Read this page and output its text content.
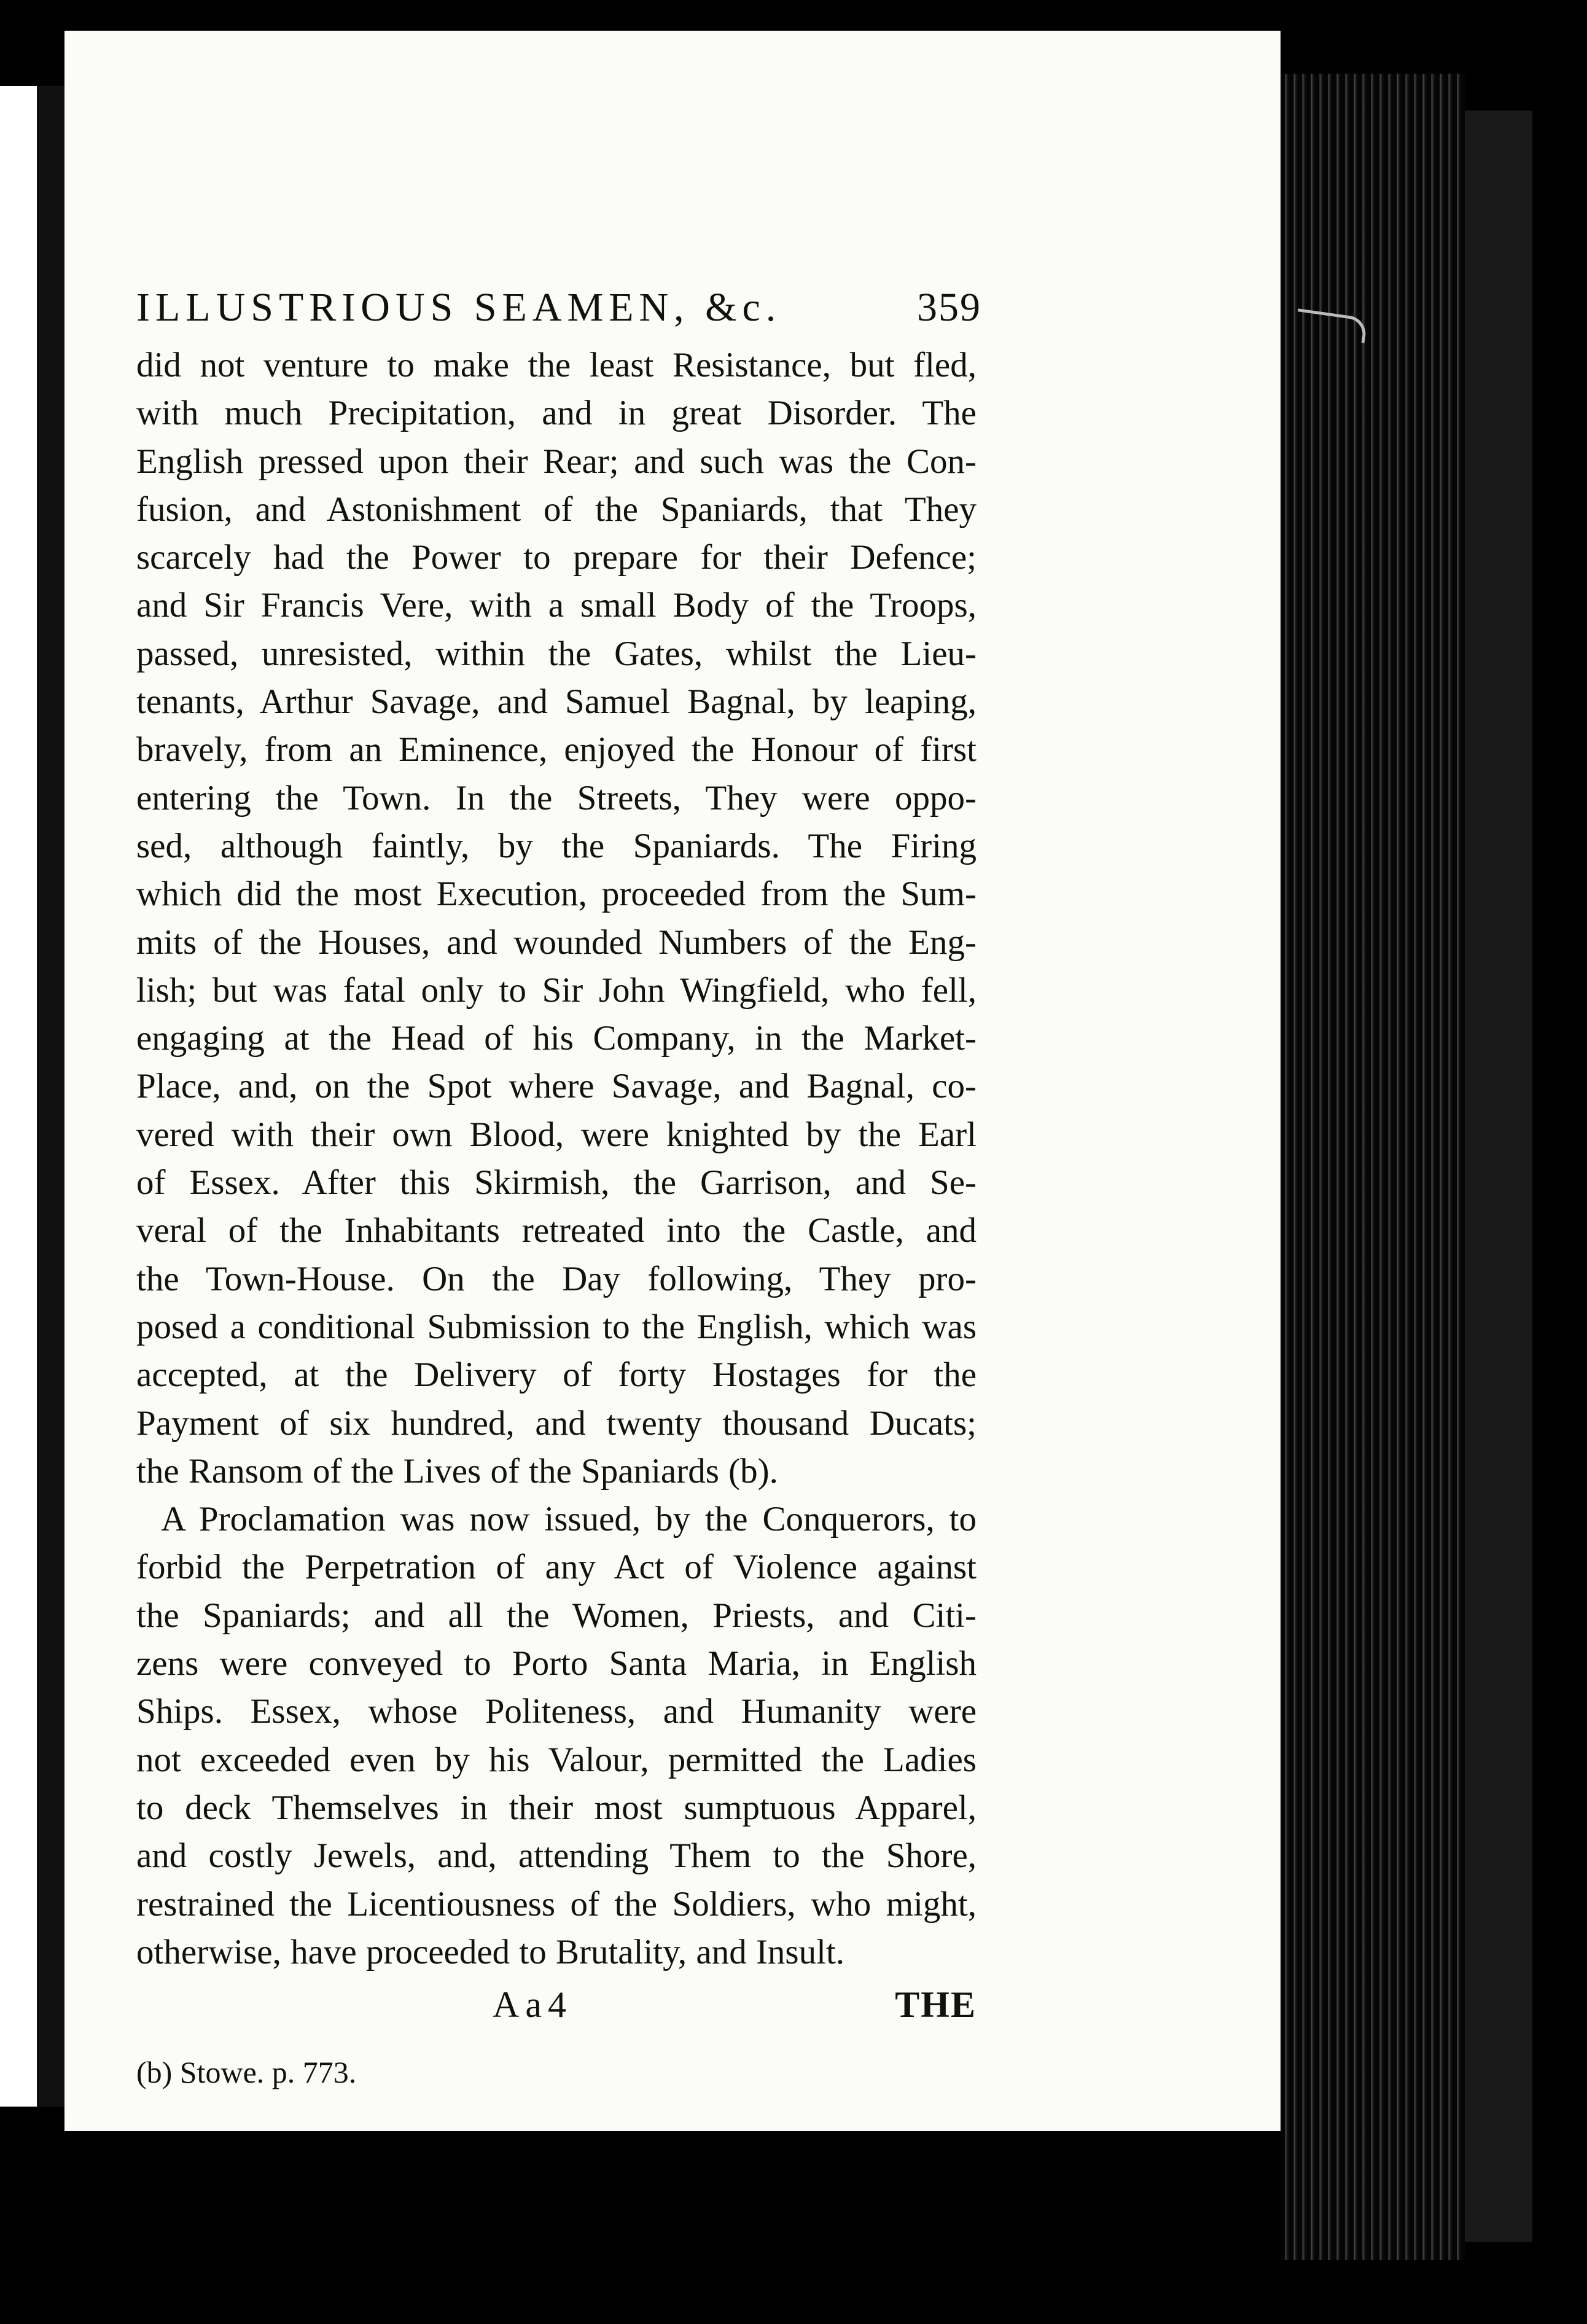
ILLUSTRIOUS SEAMEN, &c.	359
did not venture to make the least Resistance, but fled,
with much Precipitation, and in great Disorder. The
English pressed upon their Rear; and such was the Con-
fusion, and Astonishment of the Spaniards, that They
scarcely had the Power to prepare for their Defence;
and Sir Francis Vere, with a small Body of the Troops,
passed, unresisted, within the Gates, whilst the Lieu-
tenants, Arthur Savage, and Samuel Bagnal, by leaping,
bravely, from an Eminence, enjoyed the Honour of first
entering the Town. In the Streets, They were oppo-
sed, although faintly, by the Spaniards. The Firing
which did the most Execution, proceeded from the Sum-
mits of the Houses, and wounded Numbers of the Eng-
lish; but was fatal only to Sir John Wingfield, who fell,
engaging at the Head of his Company, in the Market-
Place, and, on the Spot where Savage, and Bagnal, co-
vered with their own Blood, were knighted by the Earl
of Essex. After this Skirmish, the Garrison, and Se-
veral of the Inhabitants retreated into the Castle, and
the Town-House. On the Day following, They pro-
posed a conditional Submission to the English, which was
accepted, at the Delivery of forty Hostages for the
Payment of six hundred, and twenty thousand Ducats;
the Ransom of the Lives of the Spaniards (b).
A Proclamation was now issued, by the Conquerors, to
forbid the Perpetration of any Act of Violence against
the Spaniards; and all the Women, Priests, and Citi-
zens were conveyed to Porto Santa Maria, in English
Ships. Essex, whose Politeness, and Humanity were
not exceeded even by his Valour, permitted the Ladies
to deck Themselves in their most sumptuous Apparel,
and costly Jewels, and, attending Them to the Shore,
restrained the Licentiousness of the Soldiers, who might,
otherwise, have proceeded to Brutality, and Insult.
Aa4	THE
(b) Stowe. p. 773.
